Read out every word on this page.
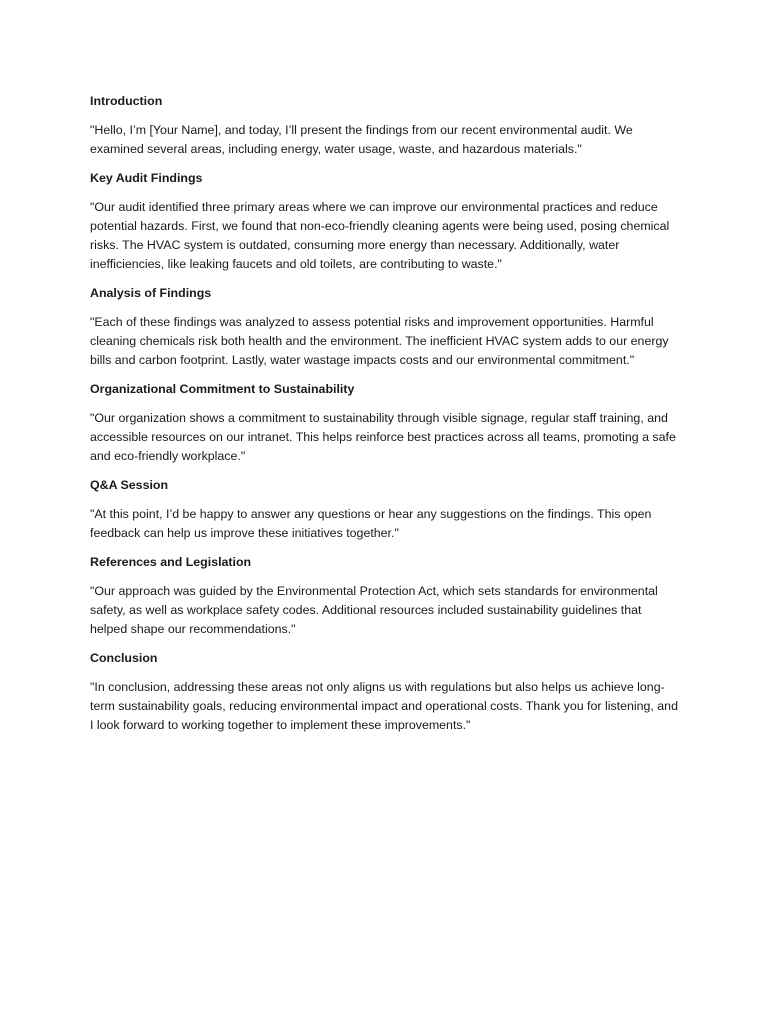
Introduction

"Hello, I’m [Your Name], and today, I’ll present the findings from our recent environmental audit. We examined several areas, including energy, water usage, waste, and hazardous materials."

Key Audit Findings

"Our audit identified three primary areas where we can improve our environmental practices and reduce potential hazards. First, we found that non-eco-friendly cleaning agents were being used, posing chemical risks. The HVAC system is outdated, consuming more energy than necessary. Additionally, water inefficiencies, like leaking faucets and old toilets, are contributing to waste."

Analysis of Findings

"Each of these findings was analyzed to assess potential risks and improvement opportunities. Harmful cleaning chemicals risk both health and the environment. The inefficient HVAC system adds to our energy bills and carbon footprint. Lastly, water wastage impacts costs and our environmental commitment."

Organizational Commitment to Sustainability

"Our organization shows a commitment to sustainability through visible signage, regular staff training, and accessible resources on our intranet. This helps reinforce best practices across all teams, promoting a safe and eco-friendly workplace."

Q&A Session

"At this point, I’d be happy to answer any questions or hear any suggestions on the findings. This open feedback can help us improve these initiatives together."

References and Legislation

"Our approach was guided by the Environmental Protection Act, which sets standards for environmental safety, as well as workplace safety codes. Additional resources included sustainability guidelines that helped shape our recommendations."

Conclusion

"In conclusion, addressing these areas not only aligns us with regulations but also helps us achieve long-term sustainability goals, reducing environmental impact and operational costs. Thank you for listening, and I look forward to working together to implement these improvements."
